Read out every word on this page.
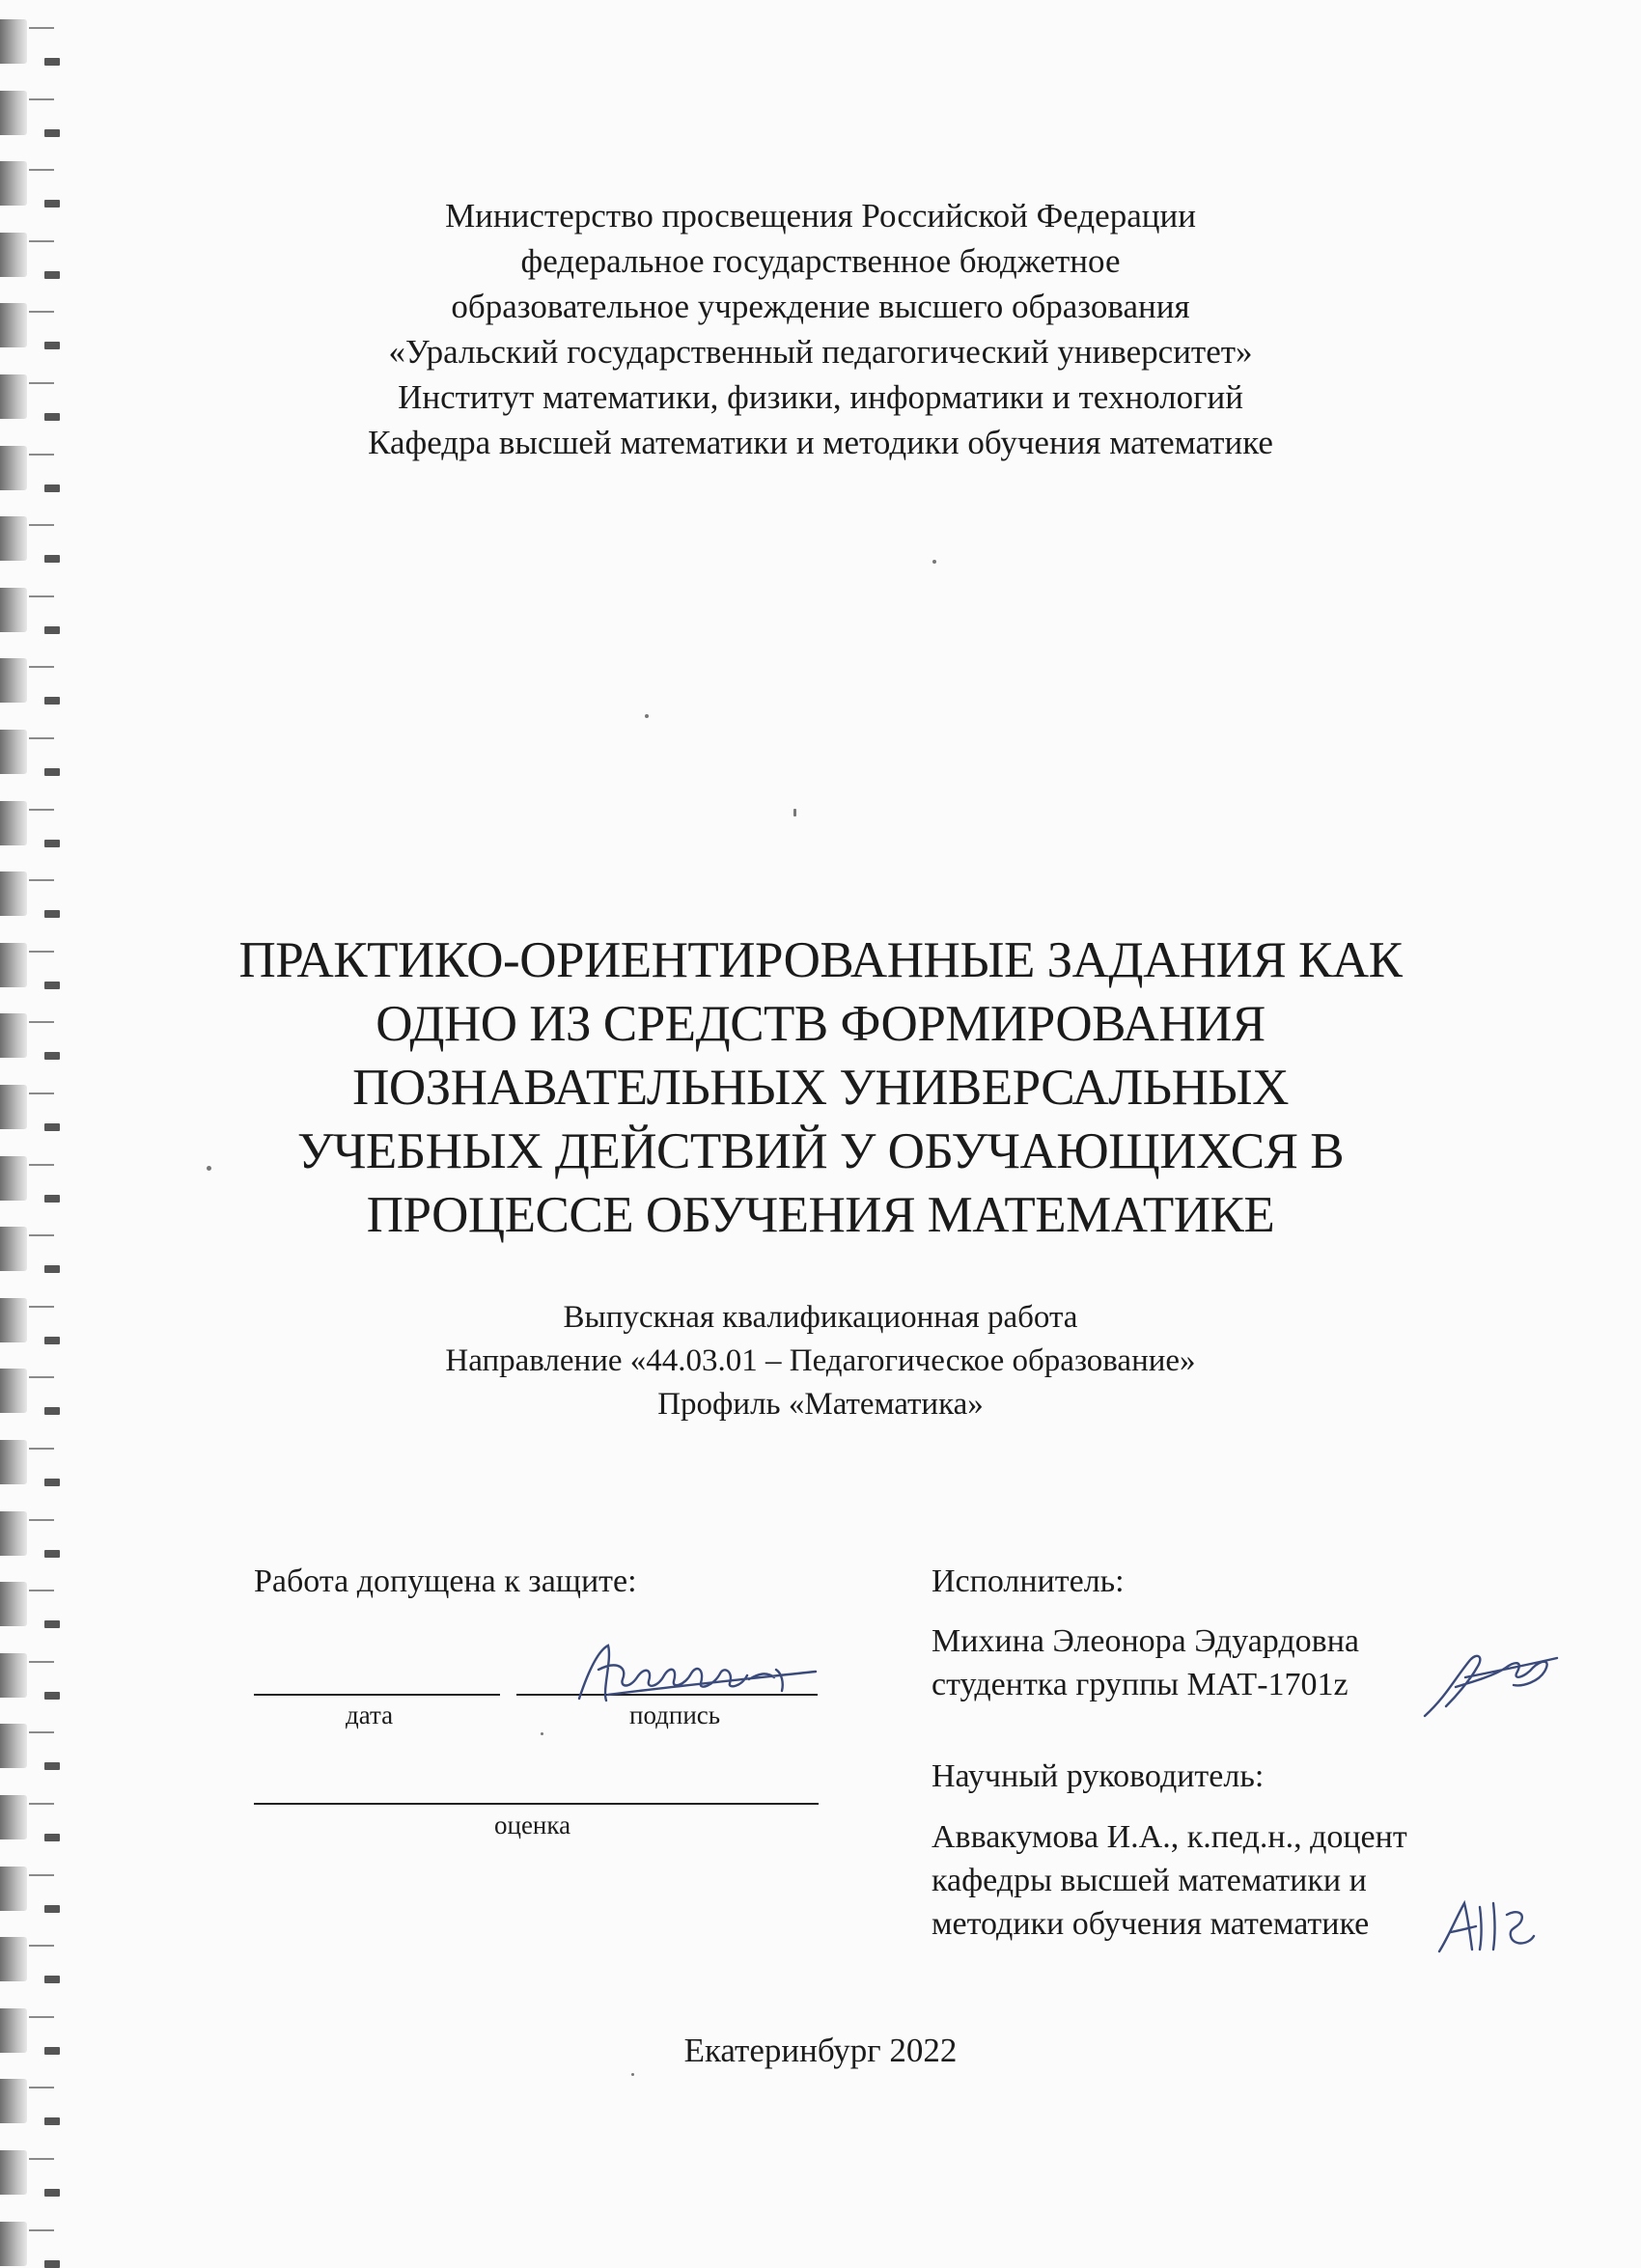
Министерство просвещения Российской Федерации
федеральное государственное бюджетное
образовательное учреждение высшего образования
«Уральский государственный педагогический университет»
Институт математики, физики, информатики и технологий
Кафедра высшей математики и методики обучения математике
ПРАКТИКО-ОРИЕНТИРОВАННЫЕ ЗАДАНИЯ КАК
ОДНО ИЗ СРЕДСТВ ФОРМИРОВАНИЯ
ПОЗНАВАТЕЛЬНЫХ УНИВЕРСАЛЬНЫХ
УЧЕБНЫХ ДЕЙСТВИЙ У ОБУЧАЮЩИХСЯ В
ПРОЦЕССЕ ОБУЧЕНИЯ МАТЕМАТИКЕ
Выпускная квалификационная работа
Направление «44.03.01 – Педагогическое образование»
Профиль «Математика»
Работа допущена к защите:
дата	подпись
оценка
Исполнитель:
Михина Элеонора Эдуардовна
студентка группы МАТ-1701z
Научный руководитель:
Аввакумова И.А., к.пед.н., доцент
кафедры высшей математики и
методики обучения математике
Екатеринбург 2022
